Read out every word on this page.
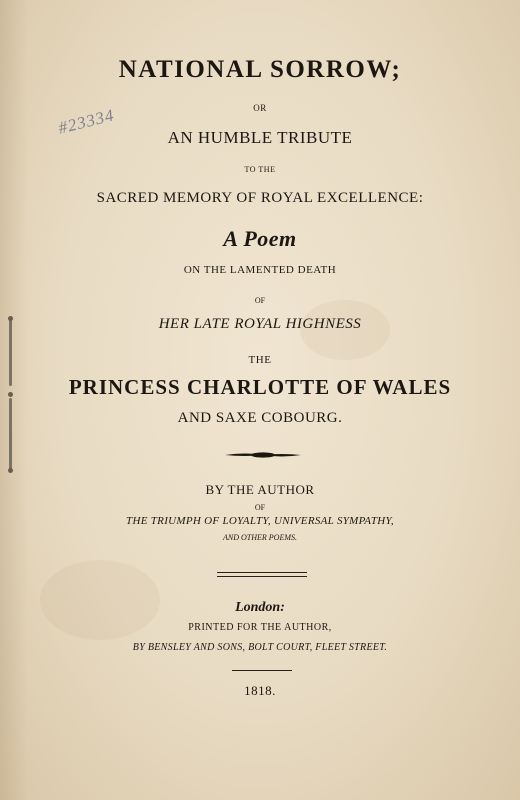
#23334
NATIONAL SORROW;
OR
AN HUMBLE TRIBUTE
TO THE
SACRED MEMORY OF ROYAL EXCELLENCE:
A Poem
ON THE LAMENTED DEATH
OF
HER LATE ROYAL HIGHNESS
THE
PRINCESS CHARLOTTE OF WALES
AND SAXE COBOURG.
BY THE AUTHOR
OF
THE TRIUMPH OF LOYALTY, UNIVERSAL SYMPATHY,
AND OTHER POEMS.
London:
PRINTED FOR THE AUTHOR,
BY BENSLEY AND SONS, BOLT COURT, FLEET STREET.
1818.
